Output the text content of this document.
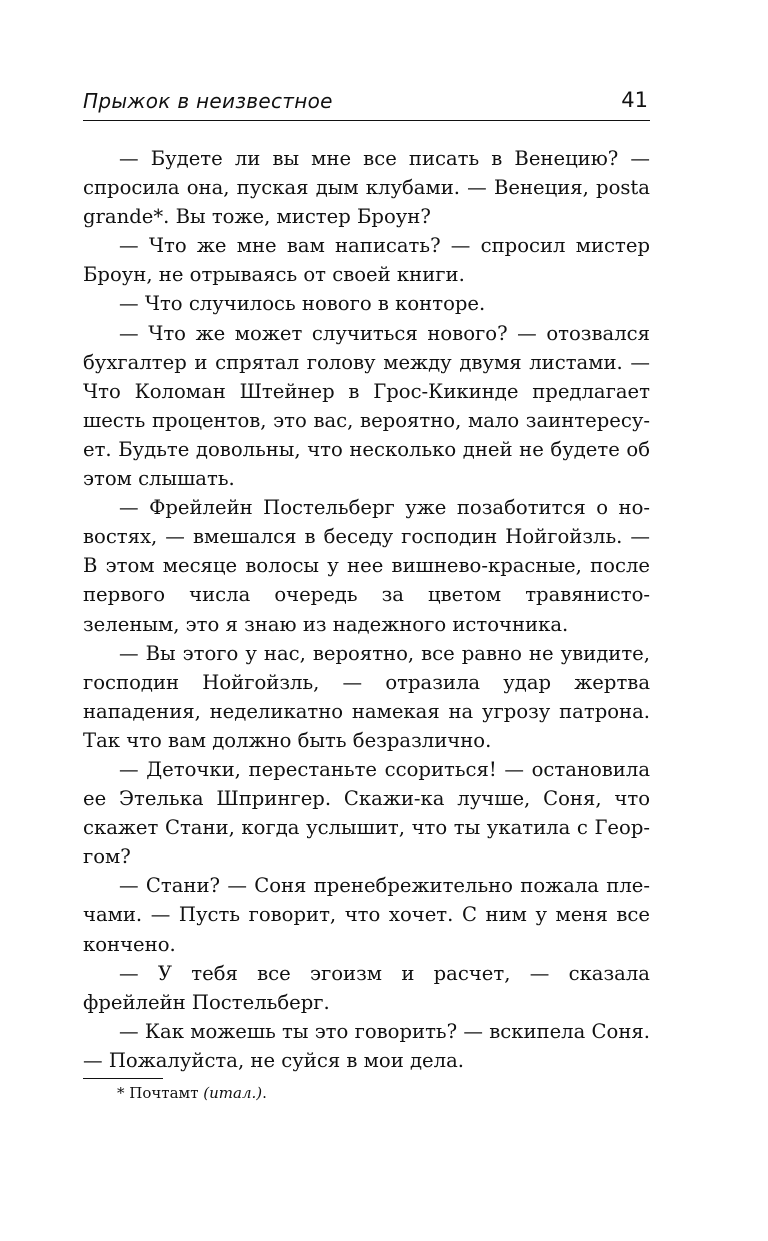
Прыжок в неизвестное	41

— Будете ли вы мне все писать в Венецию? — спросила она, пуская дым клубами. — Венеция, posta grande*. Вы тоже, мистер Броун?

— Что же мне вам написать? — спросил мистер Броун, не отрываясь от своей книги.

— Что случилось нового в конторе.

— Что же может случиться нового? — отозвался бухгалтер и спрятал голову между двумя листами. — Что Коломан Штейнер в Грос-Кикинде предлагает шесть процентов, это вас, вероятно, мало заинтересует. Будьте довольны, что несколько дней не будете об этом слышать.

— Фрейлейн Постельберг уже позаботится о новостях, — вмешался в беседу господин Нойгойзль. — В этом месяце волосы у нее вишнево-красные, после первого числа очередь за цветом травянисто-зеленым, это я знаю из надежного источника.

— Вы этого у нас, вероятно, все равно не увидите, господин Нойгойзль, — отразила удар жертва нападения, неделикатно намекая на угрозу патрона. Так что вам должно быть безразлично.

— Деточки, перестаньте ссориться! — остановила ее Этелька Шпрингер. Скажи-ка лучше, Соня, что скажет Стани, когда услышит, что ты укатила с Георгом?

— Стани? — Соня пренебрежительно пожала плечами. — Пусть говорит, что хочет. С ним у меня все кончено.

— У тебя все эгоизм и расчет, — сказала фрейлейн Постельберг.

— Как можешь ты это говорить? — вскипела Соня. — Пожалуйста, не суйся в мои дела.

* Почтамт (итал.).
